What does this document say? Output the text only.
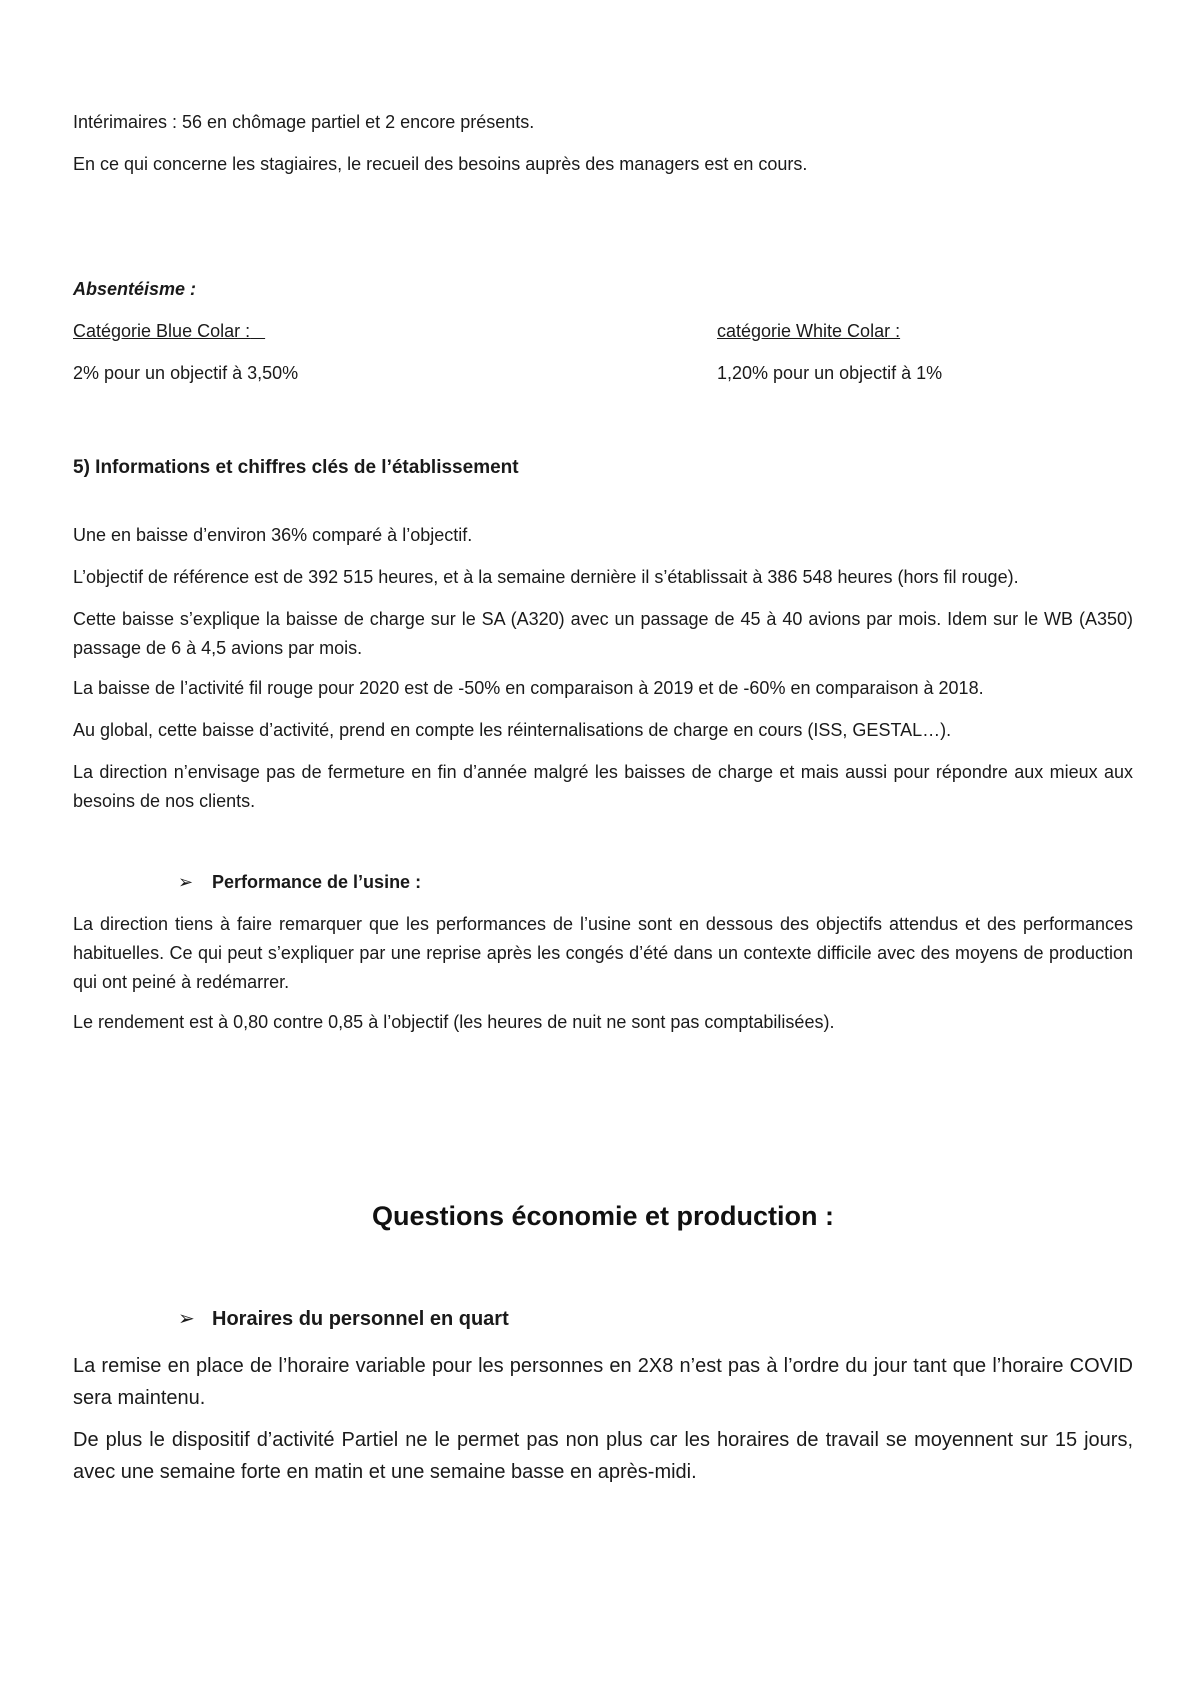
Intérimaires : 56 en chômage partiel et 2 encore présents.

En ce qui concerne les stagiaires, le recueil des besoins auprès des managers est en cours.

Absentéisme :

Catégorie Blue Colar :	catégorie White Colar :

2% pour un objectif à 3,50%	1,20% pour un objectif à 1%

5) Informations et chiffres clés de l’établissement

Une en baisse d’environ 36% comparé à l’objectif.

L’objectif de référence est de 392 515 heures, et à la semaine dernière il s’établissait à 386 548 heures (hors fil rouge).

Cette baisse s’explique la baisse de charge sur le SA (A320) avec un passage de 45 à 40 avions par mois. Idem sur le WB (A350) passage de 6 à 4,5 avions par mois.

La baisse de l’activité fil rouge pour 2020 est de -50% en comparaison à 2019 et de -60% en comparaison à 2018.

Au global, cette baisse d’activité, prend en compte les réinternalisations de charge en cours (ISS, GESTAL…).

La direction n’envisage pas de fermeture en fin d’année malgré les baisses de charge et mais aussi pour répondre aux mieux aux besoins de nos clients.

➢ Performance de l’usine :

La direction tiens à faire remarquer que les performances de l’usine sont en dessous des objectifs attendus et des performances habituelles. Ce qui peut s’expliquer par une reprise après les congés d’été dans un contexte difficile avec des moyens de production qui ont peiné à redémarrer.

Le rendement est à 0,80 contre 0,85 à l’objectif (les heures de nuit ne sont pas comptabilisées).

Questions économie et production :

➢ Horaires du personnel en quart

La remise en place de l’horaire variable pour les personnes en 2X8 n’est pas à l’ordre du jour tant que l’horaire COVID sera maintenu.

De plus le dispositif d’activité Partiel ne le permet pas non plus car les horaires de travail se moyennent sur 15 jours, avec une semaine forte en matin et une semaine basse en après-midi.
